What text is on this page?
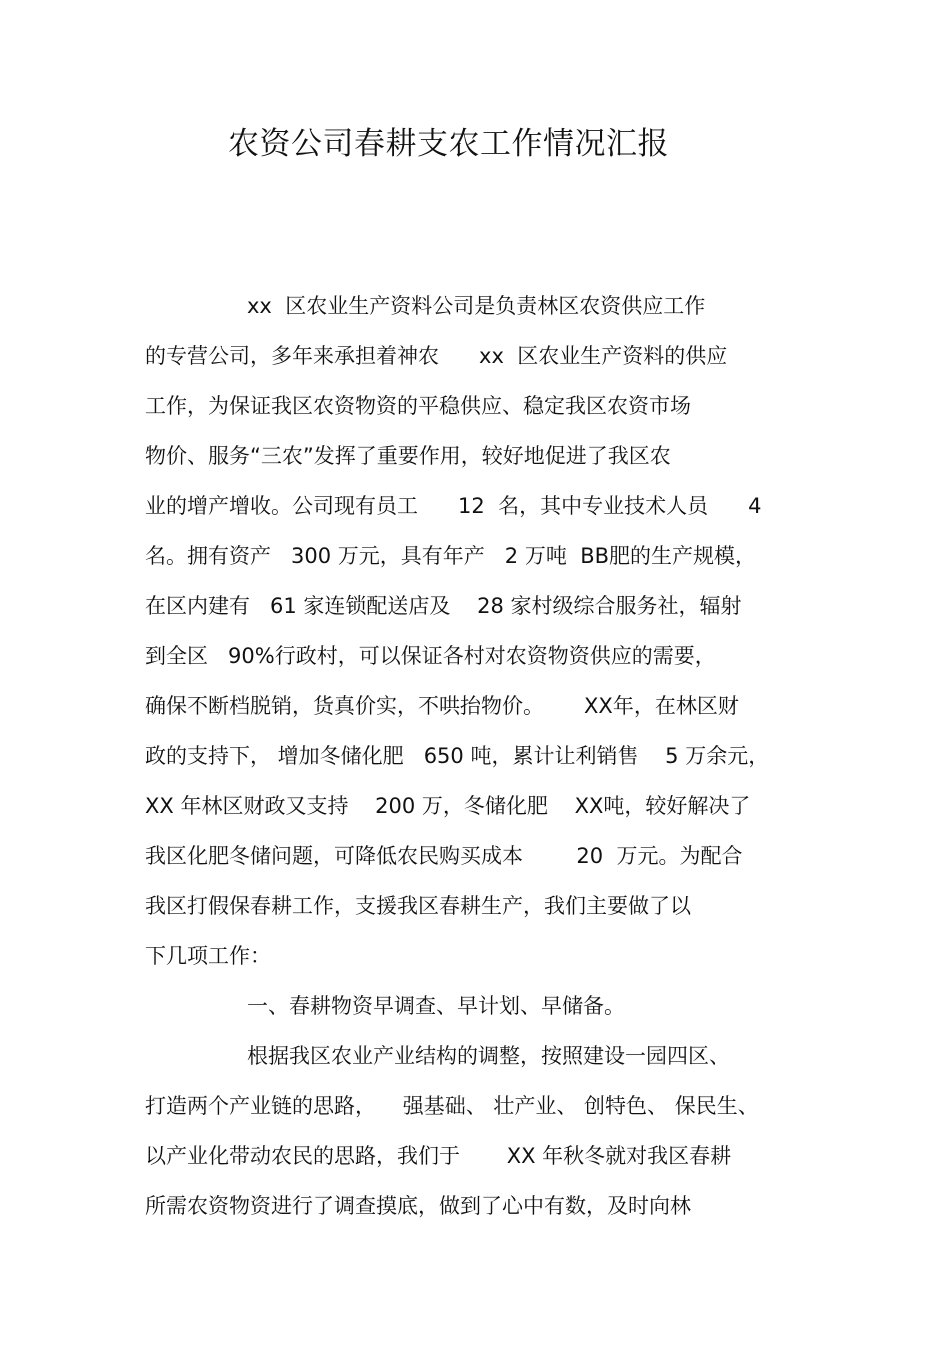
农资公司春耕支农工作情况汇报

xx  区农业生产资料公司是负责林区农资供应工作

的专营公司，多年来承担着神农      xx  区农业生产资料的供应

工作，为保证我区农资物资的平稳供应、稳定我区农资市场

物价、服务“三农”发挥了重要作用，较好地促进了我区农

业的增产增收。公司现有员工      12  名，其中专业技术人员      4

名。拥有资产   300 万元，具有年产   2 万吨  BB肥的生产规模，

在区内建有   61 家连锁配送店及    28 家村级综合服务社，辐射

到全区   90%行政村，可以保证各村对农资物资供应的需要，

确保不断档脱销，货真价实，不哄抬物价。      XX年，在林区财

政的支持下， 增加冬储化肥   650 吨，累计让利销售    5 万余元，

XX 年林区财政又支持    200 万，冬储化肥    XX吨，较好解决了

我区化肥冬储问题，可降低农民购买成本        20  万元。为配合

我区打假保春耕工作，支援我区春耕生产，我们主要做了以

下几项工作：

一、春耕物资早调查、早计划、早储备。

根据我区农业产业结构的调整，按照建设一园四区、

打造两个产业链的思路，    强基础、 壮产业、 创特色、 保民生、

以产业化带动农民的思路，我们于       XX 年秋冬就对我区春耕

所需农资物资进行了调查摸底，做到了心中有数，及时向林
